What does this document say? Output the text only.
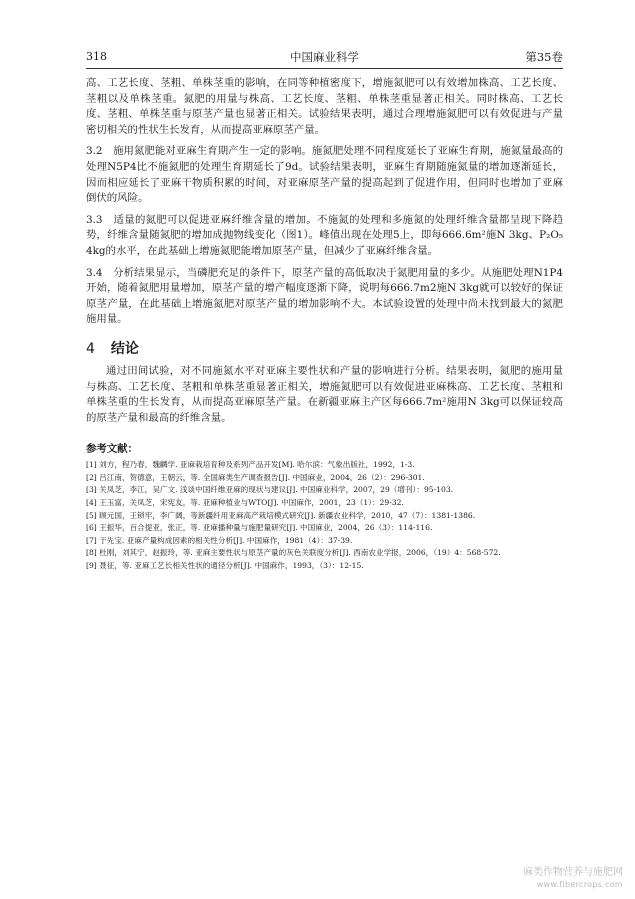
318	中国麻业科学	第35卷

高、工艺长度、茎粗、单株茎重的影响，在同等种植密度下，增施氮肥可以有效增加株高、工艺长度、茎粗以及单株茎重。氮肥的用量与株高、工艺长度、茎粗、单株茎重显著正相关。同时株高、工艺长度、茎粗、单株茎重与原茎产量也显著正相关。试验结果表明，通过合理增施氮肥可以有效促进与产量密切相关的性状生长发育，从而提高亚麻原茎产量。

3.2　施用氮肥能对亚麻生育期产生一定的影响。施氮肥处理不同程度延长了亚麻生育期，施氮量最高的处理N5P4比不施氮肥的处理生育期延长了9d。试验结果表明，亚麻生育期随施氮量的增加逐渐延长，因而相应延长了亚麻干物质积累的时间，对亚麻原茎产量的提高起到了促进作用，但同时也增加了亚麻倒伏的风险。

3.3　适量的氮肥可以促进亚麻纤维含量的增加。不施氮的处理和多施氮的处理纤维含量都呈现下降趋势，纤维含量随氮肥的增加成抛物线变化（图1）。峰值出现在处理5上，即每666.6m²施N 3kg、P₂O₅ 4kg的水平，在此基础上增施氮肥能增加原茎产量，但减少了亚麻纤维含量。

3.4　分析结果显示，当磷肥充足的条件下，原茎产量的高低取决于氮肥用量的多少。从施肥处理N1P4开始，随着氮肥用量增加，原茎产量的增产幅度逐渐下降，说明每666.7m2施N 3kg就可以较好的保证原茎产量，在此基础上增施氮肥对原茎产量的增加影响不大。本试验设置的处理中尚未找到最大的氮肥施用量。

4 结论

通过田间试验，对不同施氮水平对亚麻主要性状和产量的影响进行分析。结果表明，氮肥的施用量与株高、工艺长度、茎粗和单株茎重显著正相关，增施氮肥可以有效促进亚麻株高、工艺长度、茎粗和单株茎重的生长发育，从而提高亚麻原茎产量。在新疆亚麻主产区每666.7m²施用N 3kg可以保证较高的原茎产量和最高的纤维含量。

参考文献：
[1] 刘方，程乃春，魏麟学. 亚麻栽培育种及系列产品开发[M]. 哈尔滨：气象出版社，1992，1-3.
[2] 吕江南，贺德意，王朝云，等. 全国麻类生产调查报告[J]. 中国麻业，2004，26（2）：296-301.
[3] 关凤芝，李江，吴广文. 浅谈中国纤维亚麻的现状与建议[J]. 中国麻业科学，2007，29（增刊）：95-103.
[4] 王玉富，关凤芝，宋宪友，等. 亚麻种植业与WTO[J]. 中国麻作，2001，23（1）：29-32.
[5] 顾元国，王锁牢，李广阔，等新疆纤用亚麻高产栽培模式研究[J]. 新疆农业科学，2010，47（7）：1381-1386.
[6] 王振华，百合提亚，张正，等. 亚麻播种量与施肥量研究[J]. 中国麻业，2004，26（3）：114-116.
[7] 于先宝. 亚麻产量构成因素的相关性分析[J]. 中国麻作，1981（4）：37-39.
[8] 杜刚，刘其宁，赵振玲，等. 亚麻主要性状与原茎产量的灰色关联度分析[J]. 西南农业学报，2006，（19）4：568-572.
[9] 聂征，等. 亚麻工艺长相关性状的通径分析[J]. 中国麻作，1993，（3）：12-15.
麻类作物营养与施肥网
www.fibercrops.com
